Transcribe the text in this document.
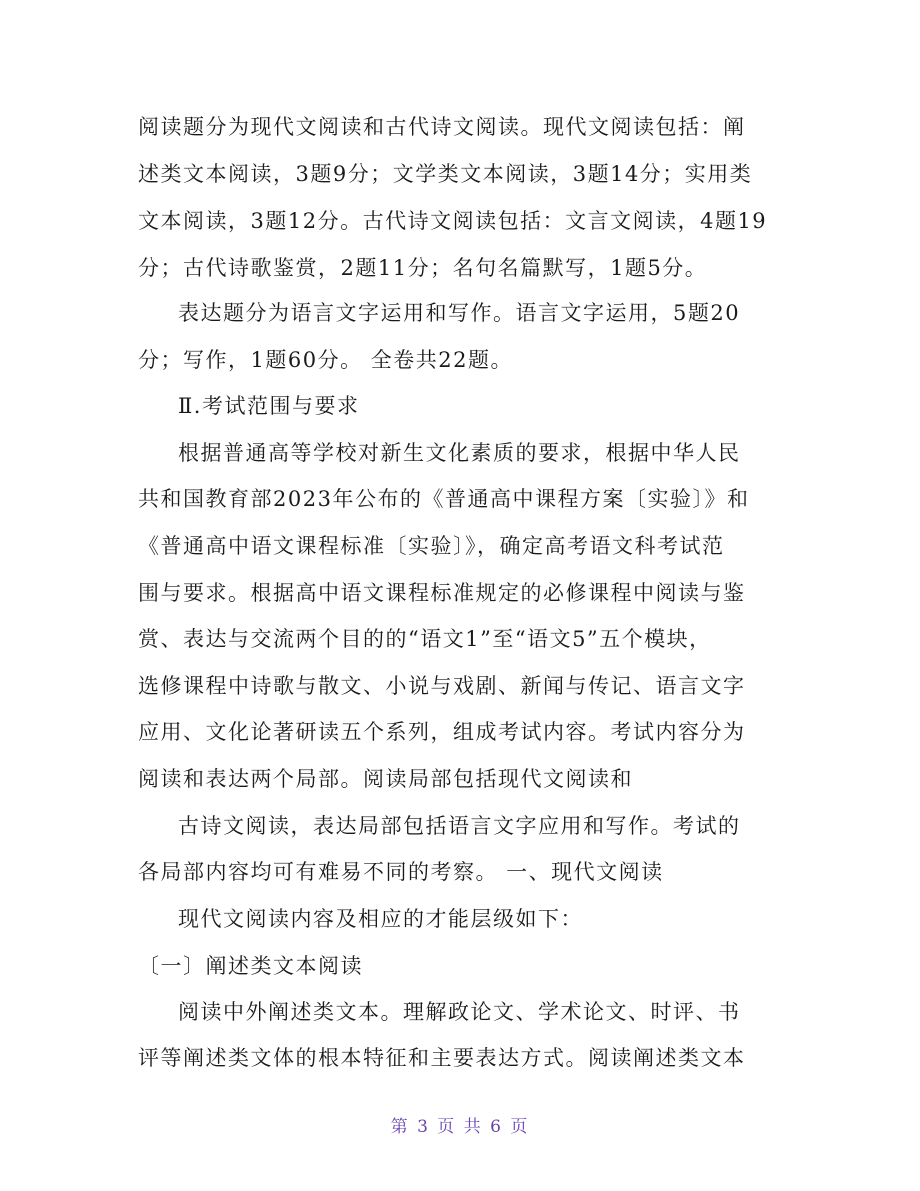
阅读题分为现代文阅读和古代诗文阅读。现代文阅读包括：阐
述类文本阅读，3题9分；文学类文本阅读，3题14分；实用类
文本阅读，3题12分。古代诗文阅读包括：文言文阅读，4题19
分；古代诗歌鉴赏，2题11分；名句名篇默写，1题5分。
表达题分为语言文字运用和写作。语言文字运用，5题20
分；写作，1题60分。 全卷共22题。
Ⅱ.考试范围与要求
根据普通高等学校对新生文化素质的要求，根据中华人民
共和国教育部2023年公布的《普通高中课程方案〔实验〕》和
《普通高中语文课程标准〔实验〕》，确定高考语文科考试范
围与要求。根据高中语文课程标准规定的必修课程中阅读与鉴
赏、表达与交流两个目的的“语文1”至“语文5”五个模块，
选修课程中诗歌与散文、小说与戏剧、新闻与传记、语言文字
应用、文化论著研读五个系列，组成考试内容。考试内容分为
阅读和表达两个局部。阅读局部包括现代文阅读和
古诗文阅读，表达局部包括语言文字应用和写作。考试的
各局部内容均可有难易不同的考察。 一、现代文阅读
现代文阅读内容及相应的才能层级如下：
〔一〕阐述类文本阅读
阅读中外阐述类文本。理解政论文、学术论文、时评、书
评等阐述类文体的根本特征和主要表达方式。阅读阐述类文本
第 3 页 共 6 页
